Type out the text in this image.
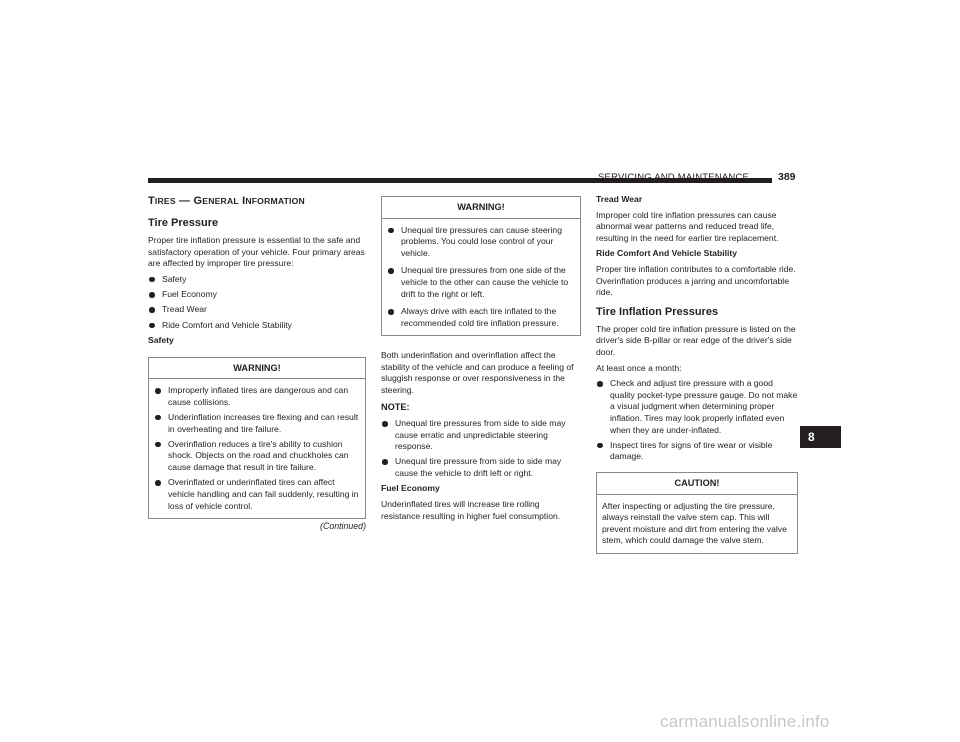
SERVICING AND MAINTENANCE	389
TIRES — GENERAL INFORMATION
Tire Pressure

Proper tire inflation pressure is essential to the safe and satisfactory operation of your vehicle. Four primary areas are affected by improper tire pressure:

Safety
Fuel Economy
Tread Wear
Ride Comfort and Vehicle Stability
Safety
WARNING!
Improperly inflated tires are dangerous and can cause collisions.
Underinflation increases tire flexing and can result in overheating and tire failure.
Overinflation reduces a tire's ability to cushion shock. Objects on the road and chuckholes can cause damage that result in tire failure.
Overinflated or underinflated tires can affect vehicle handling and can fail suddenly, resulting in loss of vehicle control.
(Continued)
WARNING!
Unequal tire pressures can cause steering problems. You could lose control of your vehicle.
Unequal tire pressures from one side of the vehicle to the other can cause the vehicle to drift to the right or left.
Always drive with each tire inflated to the recommended cold tire inflation pressure.

Both underinflation and overinflation affect the stability of the vehicle and can produce a feeling of sluggish response or over responsiveness in the steering.

NOTE:
Unequal tire pressures from side to side may cause erratic and unpredictable steering response.
Unequal tire pressure from side to side may cause the vehicle to drift left or right.
Fuel Economy

Underinflated tires will increase tire rolling resistance resulting in higher fuel consumption.

Tread Wear

Improper cold tire inflation pressures can cause abnormal wear patterns and reduced tread life, resulting in the need for earlier tire replacement.

Ride Comfort And Vehicle Stability

Proper tire inflation contributes to a comfortable ride. Overinflation produces a jarring and uncomfortable ride.

Tire Inflation Pressures

The proper cold tire inflation pressure is listed on the driver's side B-pillar or rear edge of the driver's side door.

At least once a month:

Check and adjust tire pressure with a good quality pocket-type pressure gauge. Do not make a visual judgment when determining proper inflation. Tires may look properly inflated even when they are under-inflated.
Inspect tires for signs of tire wear or visible damage.
CAUTION!

After inspecting or adjusting the tire pressure, always reinstall the valve stem cap. This will prevent moisture and dirt from entering the valve stem, which could damage the valve stem.

8
carmanualsonline.info
